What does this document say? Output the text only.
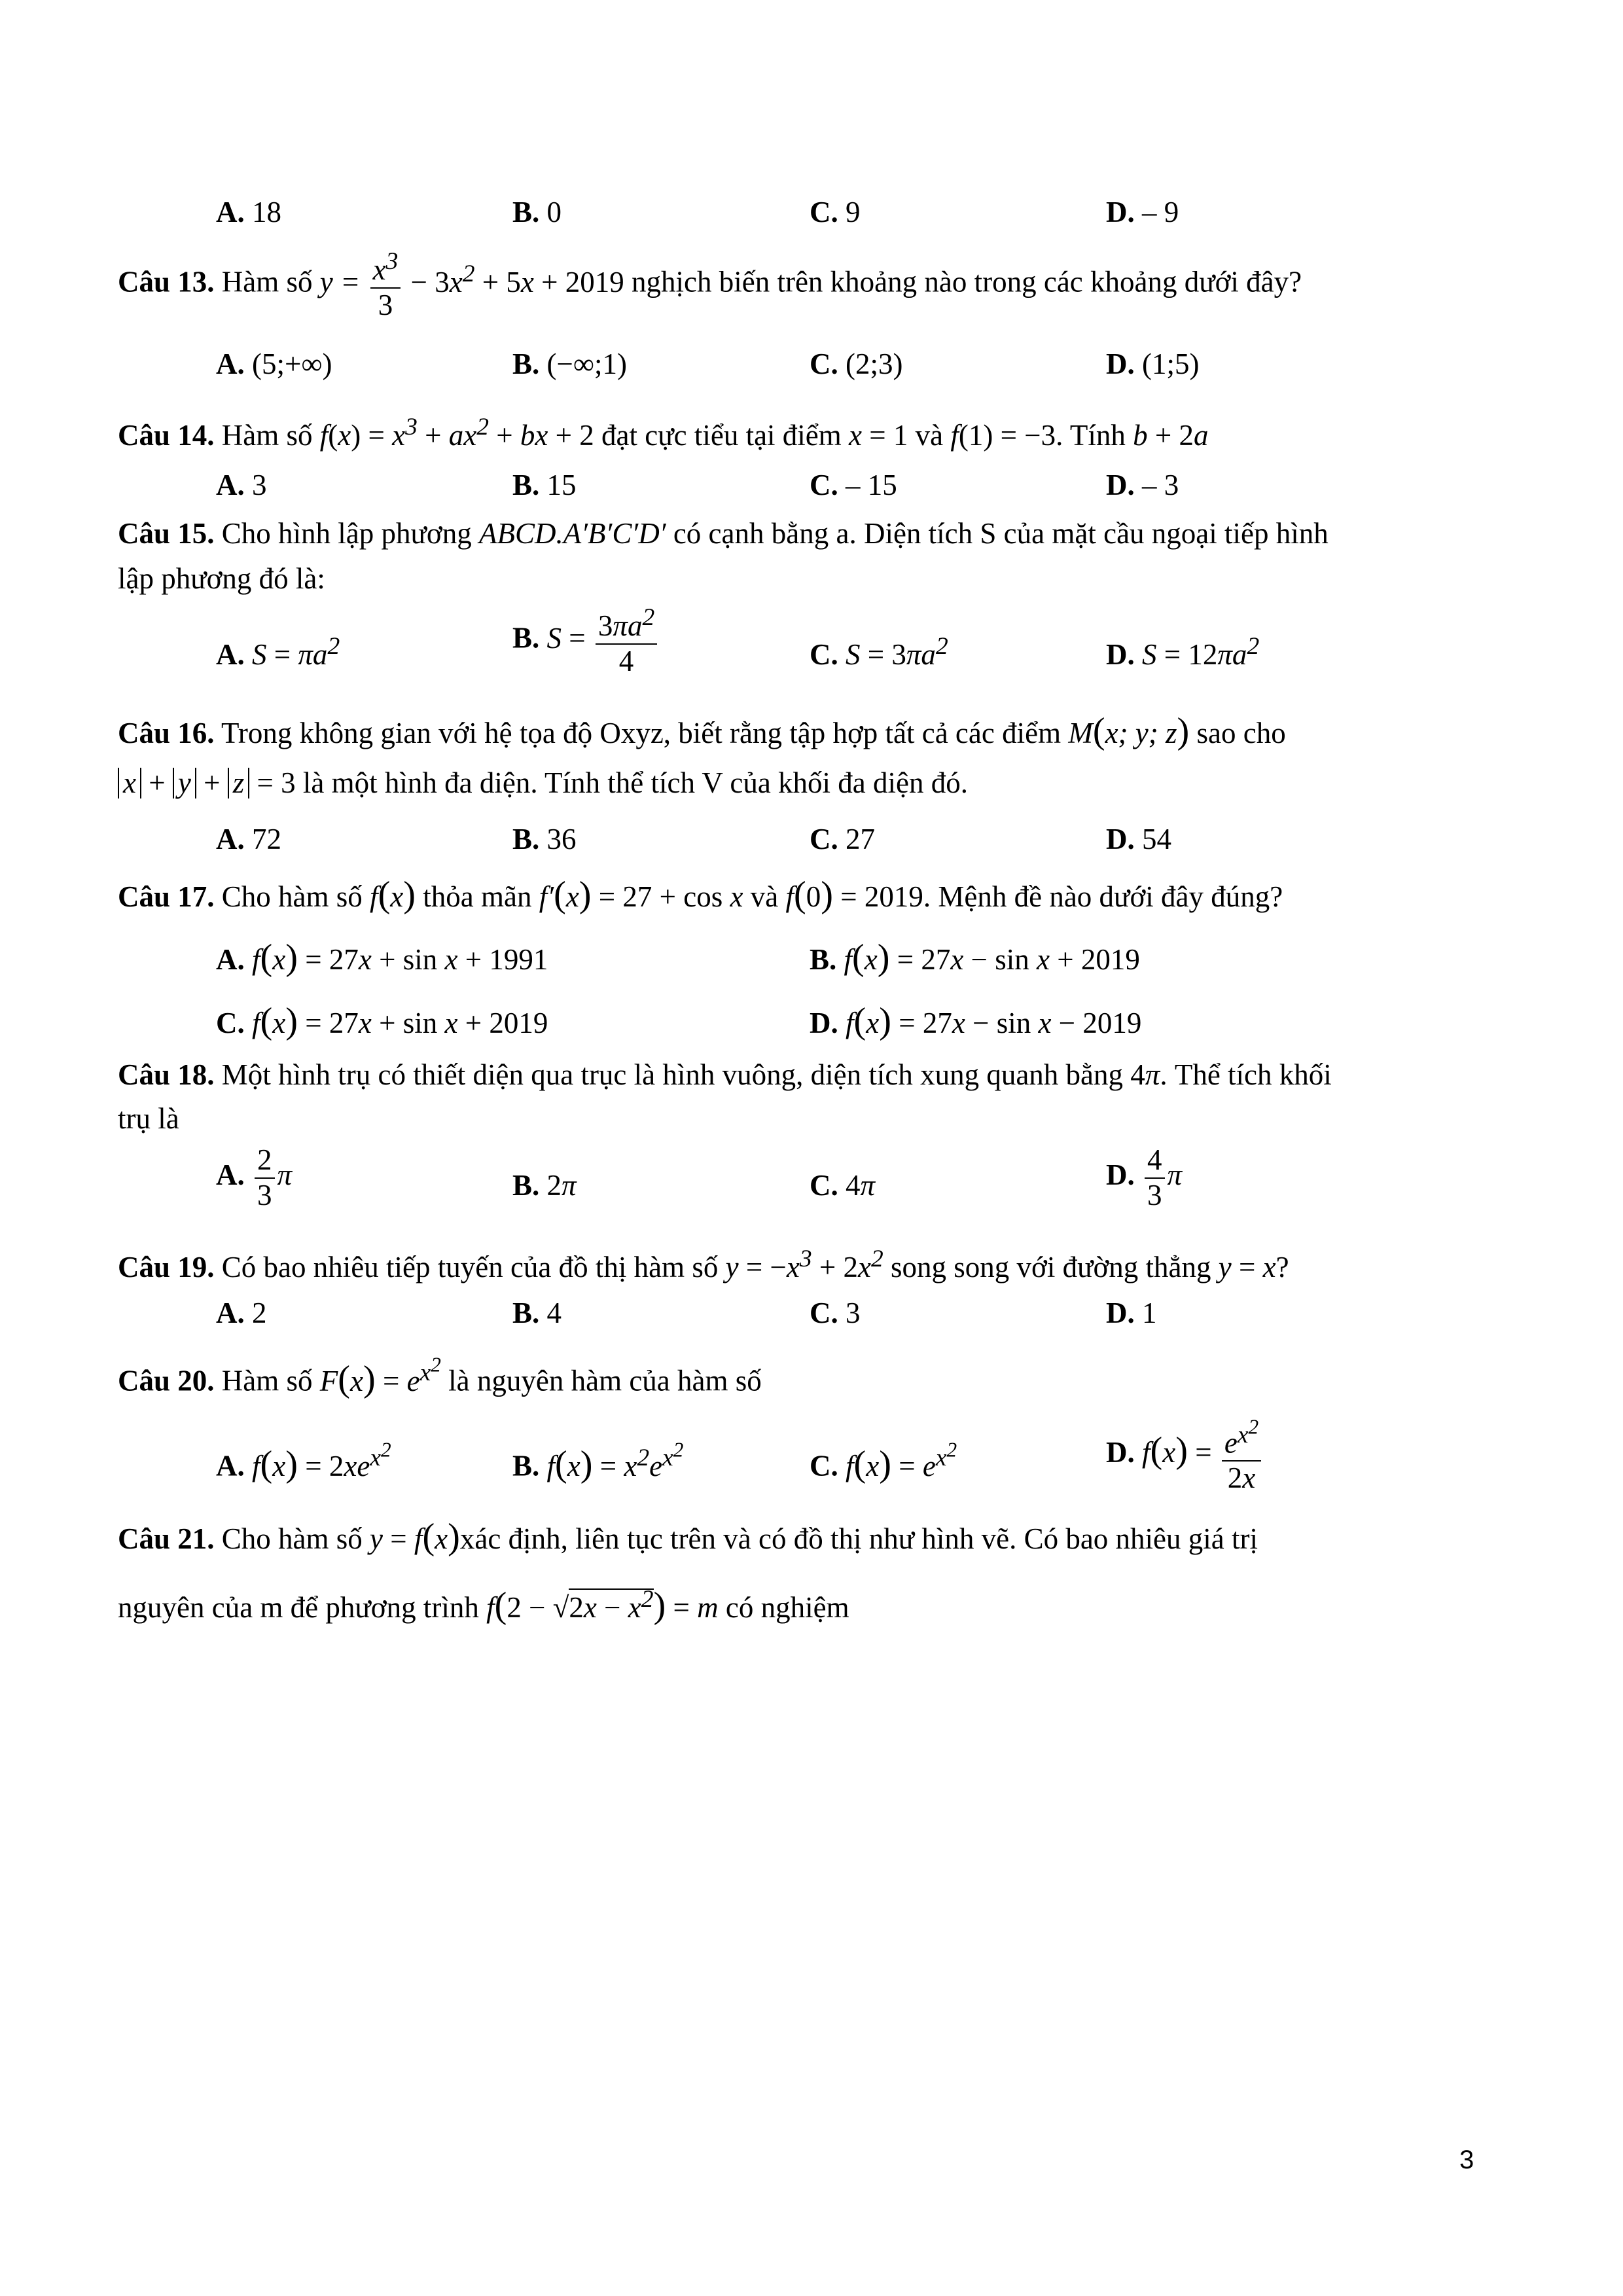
A. 18	B. 0	C. 9	D. – 9
Câu 13. Hàm số $y = \frac{x^3}{3} - 3x^2 + 5x + 2019$ nghịch biến trên khoảng nào trong các khoảng dưới đây?
A. (5;+∞)	B. (−∞;1)	C. (2;3)	D. (1;5)
Câu 14. Hàm số $f(x) = x^3 + ax^2$ + bx + 2 đạt cực tiểu tại điểm x = 1 và f(1) = −3. Tính b + 2a
A. 3	B. 15	C. – 15	D. – 3
Câu 15. Cho hình lập phương ABCD.A′B′C′D′ có cạnh bằng a. Diện tích S của mặt cầu ngoại tiếp hình
lập phương đó là:
A. $S = \pi a^2$	B. $S = \frac{3\pi a^2}{4}$	C. $S = 3\pi a^2$	D. $S = 12\pi a^2$
Câu 16. Trong không gian với hệ tọa độ Oxyz, biết rằng tập hợp tất cả các điểm M(x; y; z) sao cho
x + y + z = 3 là một hình đa diện. Tính thể tích V của khối đa diện đó.
A. 72	B. 36	C. 27	D. 54
Câu 17. Cho hàm số f(x) thỏa mãn f′(x) = 27 + cos x và f(0) = 2019. Mệnh đề nào dưới đây đúng?
A. f(x) = 27x + sin x + 1991	B. f(x) = 27x − sin x + 2019
C. f(x) = 27x + sin x + 2019	D. f(x) = 27x − sin x − 2019
Câu 18. Một hình trụ có thiết diện qua trục là hình vuông, diện tích xung quanh bằng 4π. Thể tích khối
trụ là
A. $\frac{2}{3}$ π	B. 2π	C. 4π	D. $\frac{4}{3}$ π
Câu 19. Có bao nhiêu tiếp tuyến của đồ thị hàm số $y = -x^3 + 2x^2$ song song với đường thẳng y = x?
A. 2	B. 4	C. 3	D. 1
Câu 20. Hàm số $F(x) = e^{x^2}$ là nguyên hàm của hàm số
A. $f(x) = 2xe^{x^2}$	B. $f(x) = x^2e^{x^2}$	C. $f(x) = e^{x^2}$	D. $f(x) = \frac{e^{x^2}}{2x}$
Câu 21. Cho hàm số y = f(x)xác định, liên tục trên và có đồ thị như hình vẽ. Có bao nhiêu giá trị
nguyên của m để phương trình $f(2 - √2x - x^2) = m$ có nghiệm
3
